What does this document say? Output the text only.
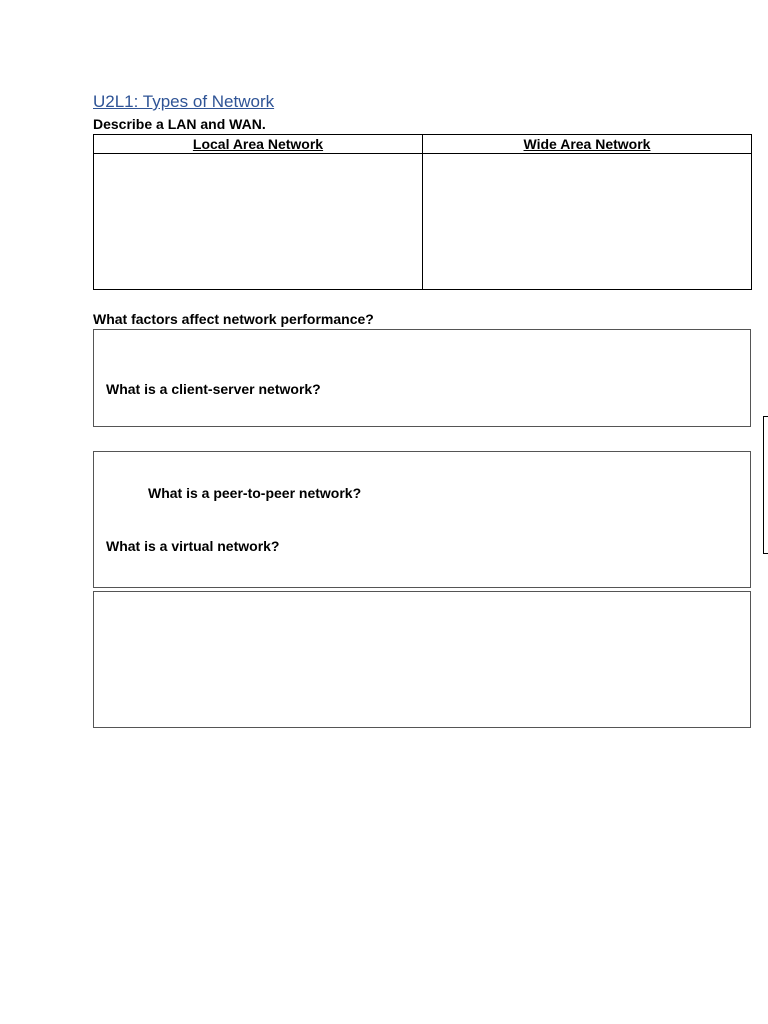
U2L1: Types of Network
Describe a LAN and WAN.
Local Area Network	Wide Area Network

What factors affect network performance?
What is a client-server network?
What is a peer-to-peer network?
What is a virtual network?
